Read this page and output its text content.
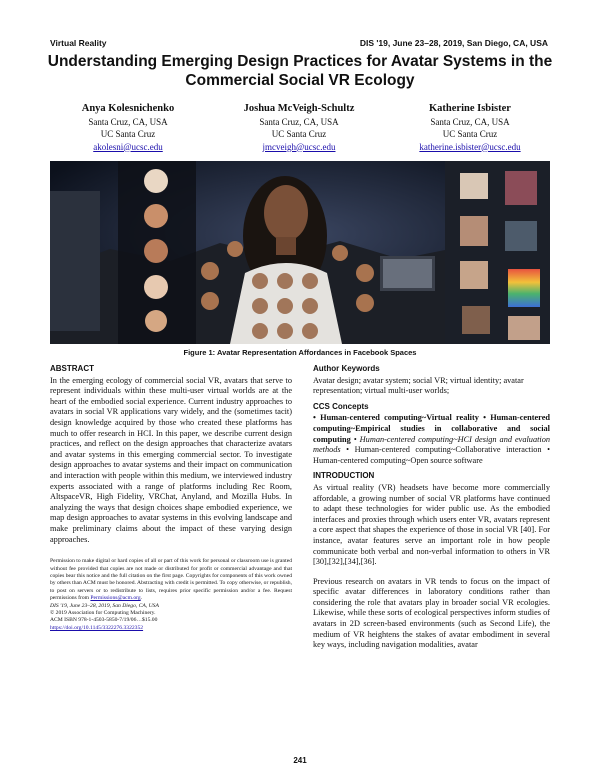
Virtual Reality	DIS '19, June 23–28, 2019, San Diego, CA, USA
Understanding Emerging Design Practices for Avatar Systems in the Commercial Social VR Ecology
Anya Kolesnichenko
Santa Cruz, CA, USA
UC Santa Cruz
akolesni@ucsc.edu
Joshua McVeigh-Schultz
Santa Cruz, CA, USA
UC Santa Cruz
jmcveigh@ucsc.edu
Katherine Isbister
Santa Cruz, CA, USA
UC Santa Cruz
katherine.isbister@ucsc.edu
Figure 1: Avatar Representation Affordances in Facebook Spaces
ABSTRACT

In the emerging ecology of commercial social VR, avatars that serve to represent individuals within these multi-user virtual worlds are at the heart of the embodied social experience. Current industry approaches to avatars in social VR applications vary widely, and the (sometimes tacit) design knowledge acquired by those who created these platforms has much to offer research in HCI. In this paper, we describe current design practices, and reflect on the design approaches that characterize avatars and avatar systems in this emerging commercial sector. To investigate design approaches to avatar systems and their impact on communication and interaction with people within this medium, we interviewed industry experts associated with a range of platforms including Rec Room, AltspaceVR, High Fidelity, VRChat, Anyland, and Mozilla Hubs. In analyzing the ways that design choices shape embodied experience, we map design approaches to avatar systems in this evolving landscape and make preliminary claims about the impact of these varying design approaches.

Permission to make digital or hard copies of all or part of this work for personal or classroom use is granted without fee provided that copies are not made or distributed for profit or commercial advantage and that copies bear this notice and the full citation on the first page. Copyrights for components of this work owned by others than ACM must be honored. Abstracting with credit is permitted. To copy otherwise, or republish, to post on servers or to redistribute to lists, requires prior specific permission and/or a fee. Request permissions from Permissions@acm.org.

DIS '19, June 23–28, 2019, San Diego, CA, USA

© 2019 Association for Computing Machinery.

ACM ISBN 978-1-4503-5850-7/19/06…$15.00

https://doi.org/10.1145/3322276.3322352

Author Keywords

Avatar design; avatar system; social VR; virtual identity; avatar representation; virtual multi-user worlds;

CCS Concepts

• Human-centered computing~Virtual reality • Human-centered computing~Empirical studies in collaborative and social computing • Human-centered computing~HCI design and evaluation methods • Human-centered computing~Collaborative interaction • Human-centered computing~Open source software

INTRODUCTION

As virtual reality (VR) headsets have become more commercially affordable, a growing number of social VR platforms have continued to adapt these technologies for wider public use. As the embodied interfaces and proxies through which users enter VR, avatars represent a core aspect that shapes the experience of those in social VR [40]. For instance, avatar features serve an important role in how people communicate both verbal and non-verbal information to others in VR [30],[32],[34],[36].

Previous research on avatars in VR tends to focus on the impact of specific avatar differences in laboratory conditions rather than considering the role that avatars play in broader social VR ecologies. Likewise, while these sorts of ecological perspectives inform studies of avatars in 2D screen-based environments (such as Second Life), the medium of VR heightens the stakes of avatar embodiment in several key ways, including navigation modalities, avatar

241
